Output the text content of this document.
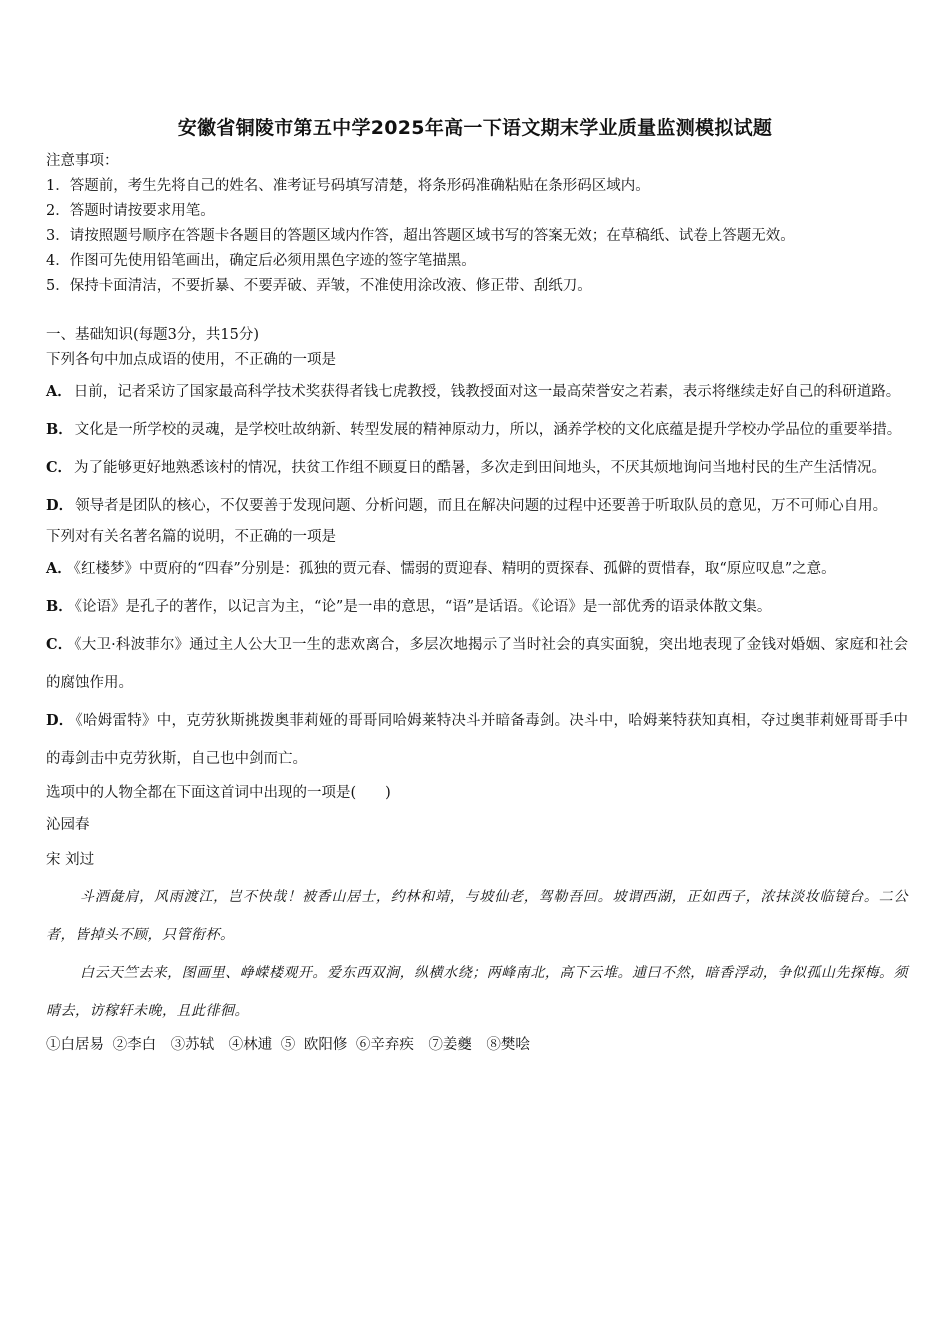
安徽省铜陵市第五中学2025年高一下语文期末学业质量监测模拟试题
注意事项：
1．答题前，考生先将自己的姓名、准考证号码填写清楚，将条形码准确粘贴在条形码区域内。
2．答题时请按要求用笔。
3．请按照题号顺序在答题卡各题目的答题区域内作答，超出答题区域书写的答案无效；在草稿纸、试卷上答题无效。
4．作图可先使用铅笔画出，确定后必须用黑色字迹的签字笔描黑。
5．保持卡面清洁，不要折暴、不要弄破、弄皱，不准使用涂改液、修正带、刮纸刀。
一、基础知识(每题3分，共15分)
下列各句中加点成语的使用，不正确的一项是
A． 日前，记者采访了国家最高科学技术奖获得者钱七虎教授，钱教授面对这一最高荣誉安之若素，表示将继续走好自己的科研道路。
B． 文化是一所学校的灵魂，是学校吐故纳新、转型发展的精神原动力，所以，涵养学校的文化底蕴是提升学校办学品位的重要举措。
C． 为了能够更好地熟悉该村的情况，扶贫工作组不顾夏日的酷暑，多次走到田间地头，不厌其烦地询问当地村民的生产生活情况。
D． 领导者是团队的核心，不仅要善于发现问题、分析问题，而且在解决问题的过程中还要善于听取队员的意见，万不可师心自用。
下列对有关名著名篇的说明，不正确的一项是
A． 《红楼梦》中贾府的“四春”分别是：孤独的贾元春、懦弱的贾迎春、精明的贾探春、孤僻的贾惜春，取“原应叹息”之意。
B． 《论语》是孔子的著作，以记言为主，“论”是一串的意思，“语”是话语。《论语》是一部优秀的语录体散文集。
C． 《大卫·科波菲尔》通过主人公大卫一生的悲欢离合，多层次地揭示了当时社会的真实面貌，突出地表现了金钱对婚姻、家庭和社会的腐蚀作用。
D． 《哈姆雷特》中，克劳狄斯挑拨奥菲莉娅的哥哥同哈姆莱特决斗并暗备毒剑。决斗中，哈姆莱特获知真相，夺过奥菲莉娅哥哥手中的毒剑击中克劳狄斯，自己也中剑而亡。
选项中的人物全都在下面这首词中出现的一项是(　　)
沁园春
宋 刘过
斗酒彘肩，风雨渡江，岂不快哉！被香山居士，约林和靖，与坡仙老，驾勒吾回。坡谓西湖，正如西子，浓抹淡妆临镜台。二公者，皆掉头不顾，只管衔杯。
白云天竺去来，图画里、峥嵘楼观开。爱东西双涧，纵横水绕；两峰南北，高下云堆。逋曰不然，暗香浮动，争似孤山先探梅。须晴去，访稼轩未晚，且此徘徊。
①白居易 ②李白　③苏轼　④林逋 ⑤ 欧阳修 ⑥辛弃疾　⑦姜夔　⑧樊哙
